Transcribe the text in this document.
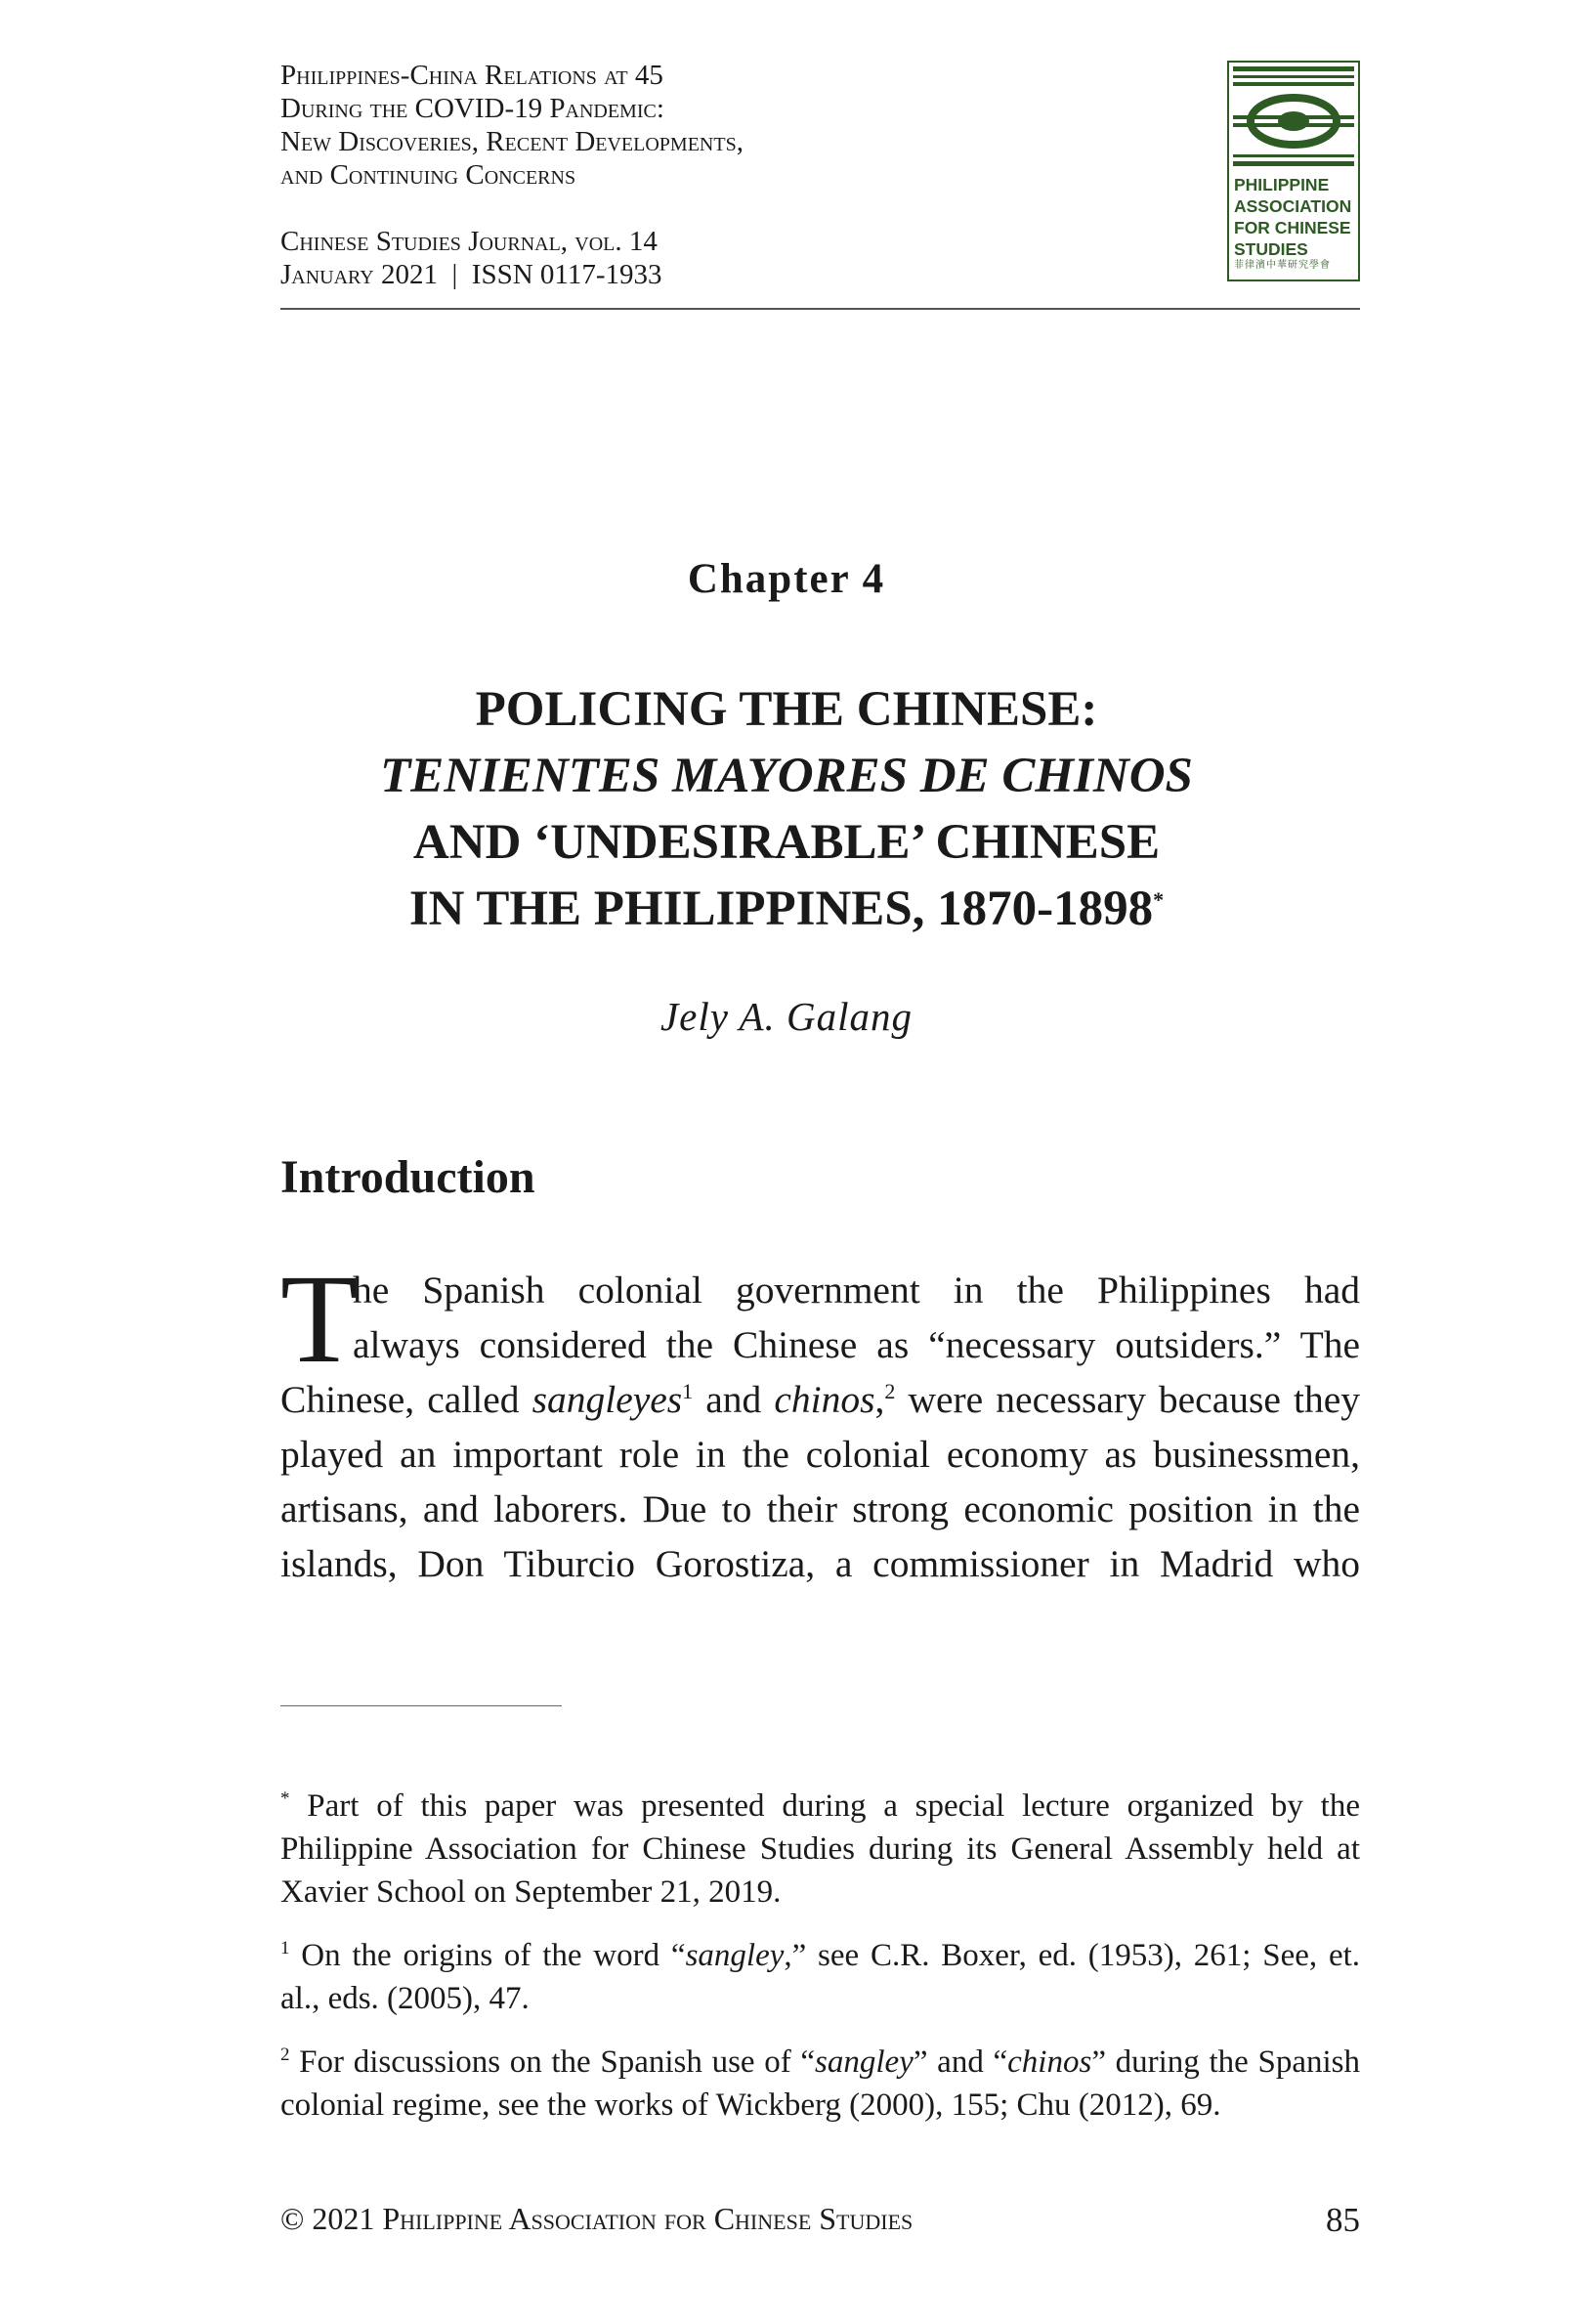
Philippines-China Relations at 45
During the COVID-19 Pandemic:
New Discoveries, Recent Developments,
and Continuing Concerns
Chinese Studies Journal, vol. 14
January 2021  |  ISSN 0117-1933
PHILIPPINE
ASSOCIATION
FOR CHINESE
STUDIES
菲律濱中華研究學會
Chapter 4
POLICING THE CHINESE:
TENIENTES MAYORES DE CHINOS
AND ‘UNDESIRABLE’ CHINESE
IN THE PHILIPPINES, 1870-1898*
Jely A. Galang
Introduction
T
he Spanish colonial government in the Philippines had
always considered the Chinese as “necessary outsiders.” The
Chinese, called sangleyes$^1$ and chinos,$^2$ were necessary because they
played an important role in the colonial economy as businessmen,
artisans, and laborers. Due to their strong economic position in the
islands, Don Tiburcio Gorostiza, a commissioner in Madrid who
* Part of this paper was presented during a special lecture organized by the
Philippine Association for Chinese Studies during its General Assembly held at
Xavier School on September 21, 2019.
$^1$ On the origins of the word “sangley,” see C.R. Boxer, ed. (1953), 261; See, et.
al., eds. (2005), 47.
$^2$ For discussions on the Spanish use of “sangley” and “chinos” during the Spanish
colonial regime, see the works of Wickberg (2000), 155; Chu (2012), 69.
© 2021 Philippine Association for Chinese Studies	85
